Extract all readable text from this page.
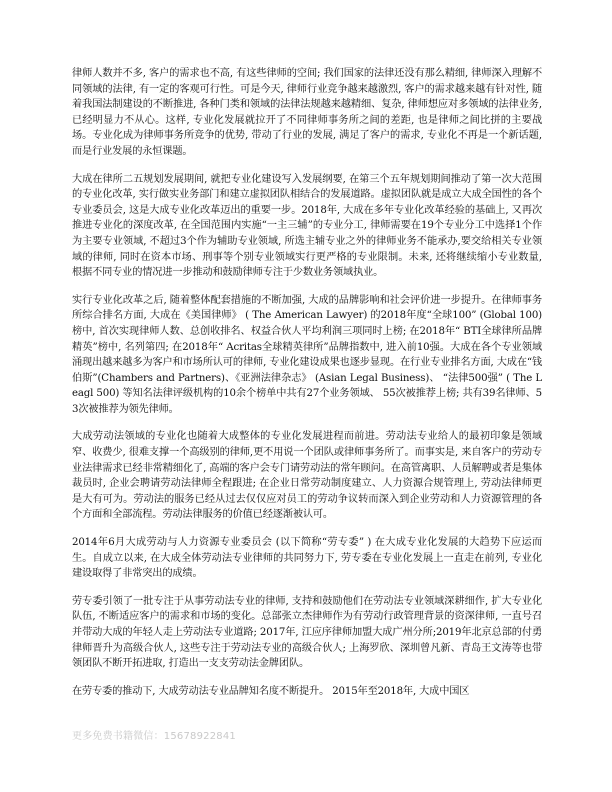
律师人数并不多, 客户的需求也不高, 有这些律师的空间; 我们国家的法律还没有那么精细, 律师深入理解不同领域的法律, 有一定的客观可行性。可是今天, 律师行业竞争越来越激烈, 客户的需求越来越有针对性, 随着我国法制建设的不断推进, 各种门类和领域的法律法规越来越精细、复杂, 律师想应对多领域的法律业务, 已经明显力不从心。这样, 专业化发展就拉开了不同律师事务所之间的差距, 也是律师之间比拼的主要战场。专业化成为律师事务所竞争的优势, 带动了行业的发展, 满足了客户的需求, 专业化不再是一个新话题,而是行业发展的永恒课题。

大成在律所二五规划发展期间, 就把专业化建设写入发展纲要, 在第三个五年规划期间推动了第一次大范围的专业化改革, 实行做实业务部门和建立虚拟团队相结合的发展道路。虚拟团队就是成立大成全国性的各个专业委员会, 这是大成专业化改革迈出的重要一步。2018年, 大成在多年专业化改革经验的基础上, 又再次推进专业化的深度改革, 在全国范围内实施“一主三辅”的专业分工, 律师需要在19个专业分工中选择1个作为主要专业领域, 不超过3个作为辅助专业领域, 所选主辅专业之外的律师业务不能承办,要交给相关专业领域的律师, 同时在资本市场、刑事等个别专业领域实行更严格的专业限制。未来, 还将继续缩小专业数量, 根据不同专业的情况进一步推动和鼓励律师专注于少数业务领域执业。

实行专业化改革之后, 随着整体配套措施的不断加强, 大成的品牌影响和社会评价进一步提升。在律师事务所综合排名方面, 大成在《美国律师》 ( The American Lawyer) 的2018年度“全球100” (Global 100) 榜中, 首次实现律师人数、总创收排名、权益合伙人平均利润三项同时上榜; 在2018年“ BTI全球律所品牌精英”榜中, 名列第四; 在2018年“ Acritas全球精英律所”品牌指数中, 进入前10强。大成在各个专业领域涌现出越来越多为客户和市场所认可的律师, 专业化建设成果也逐步显现。在行业专业排名方面, 大成在“钱伯斯”(Chambers and Partners)、《亚洲法律杂志》 (Asian Legal Business)、 “法律500强” ( The Leagl 500) 等知名法律评级机构的10余个榜单中共有27个业务领域、 55次被推荐上榜; 共有39名律师、53次被推荐为领先律师。

大成劳动法领域的专业化也随着大成整体的专业化发展进程而前进。劳动法专业给人的最初印象是领域窄、收费少, 很难支撑一个高级别的律师,更不用说一个团队或律师事务所了。而事实是, 来自客户的劳动专业法律需求已经非常精细化了, 高端的客户会专门请劳动法的常年顾问。在高管离职、人员解聘或者是集体裁员时, 企业会聘请劳动法律师全程跟进; 在企业日常劳动制度建立、人力资源合规管理上, 劳动法律师更是大有可为。劳动法的服务已经从过去仅仅应对员工的劳动争议转而深入到企业劳动和人力资源管理的各个方面和全部流程。劳动法律服务的价值已经逐渐被认可。

2014年6月大成劳动与人力资源专业委员会 (以下简称“劳专委” ) 在大成专业化发展的大趋势下应运而生。自成立以来, 在大成全体劳动法专业律师的共同努力下, 劳专委在专业化发展上一直走在前列, 专业化建设取得了非常突出的成绩。

劳专委引领了一批专注于从事劳动法专业的律师, 支持和鼓励他们在劳动法专业领域深耕细作, 扩大专业化队伍, 不断适应客户的需求和市场的变化。总部张立杰律师作为有劳动行政管理背景的资深律师, 一直号召并带动大成的年轻人走上劳动法专业道路; 2017年, 江应序律师加盟大成广州分所;2019年北京总部的付勇律师晋升为高级合伙人, 这些专注于劳动法专业的高级合伙人; 上海罗欣、深圳曾凡新、青岛王文涛等也带领团队不断开拓进取, 打造出一支支劳动法金牌团队。

在劳专委的推动下, 大成劳动法专业品牌知名度不断提升。 2015年至2018年, 大成中国区

更多免费书籍微信：15678922841
